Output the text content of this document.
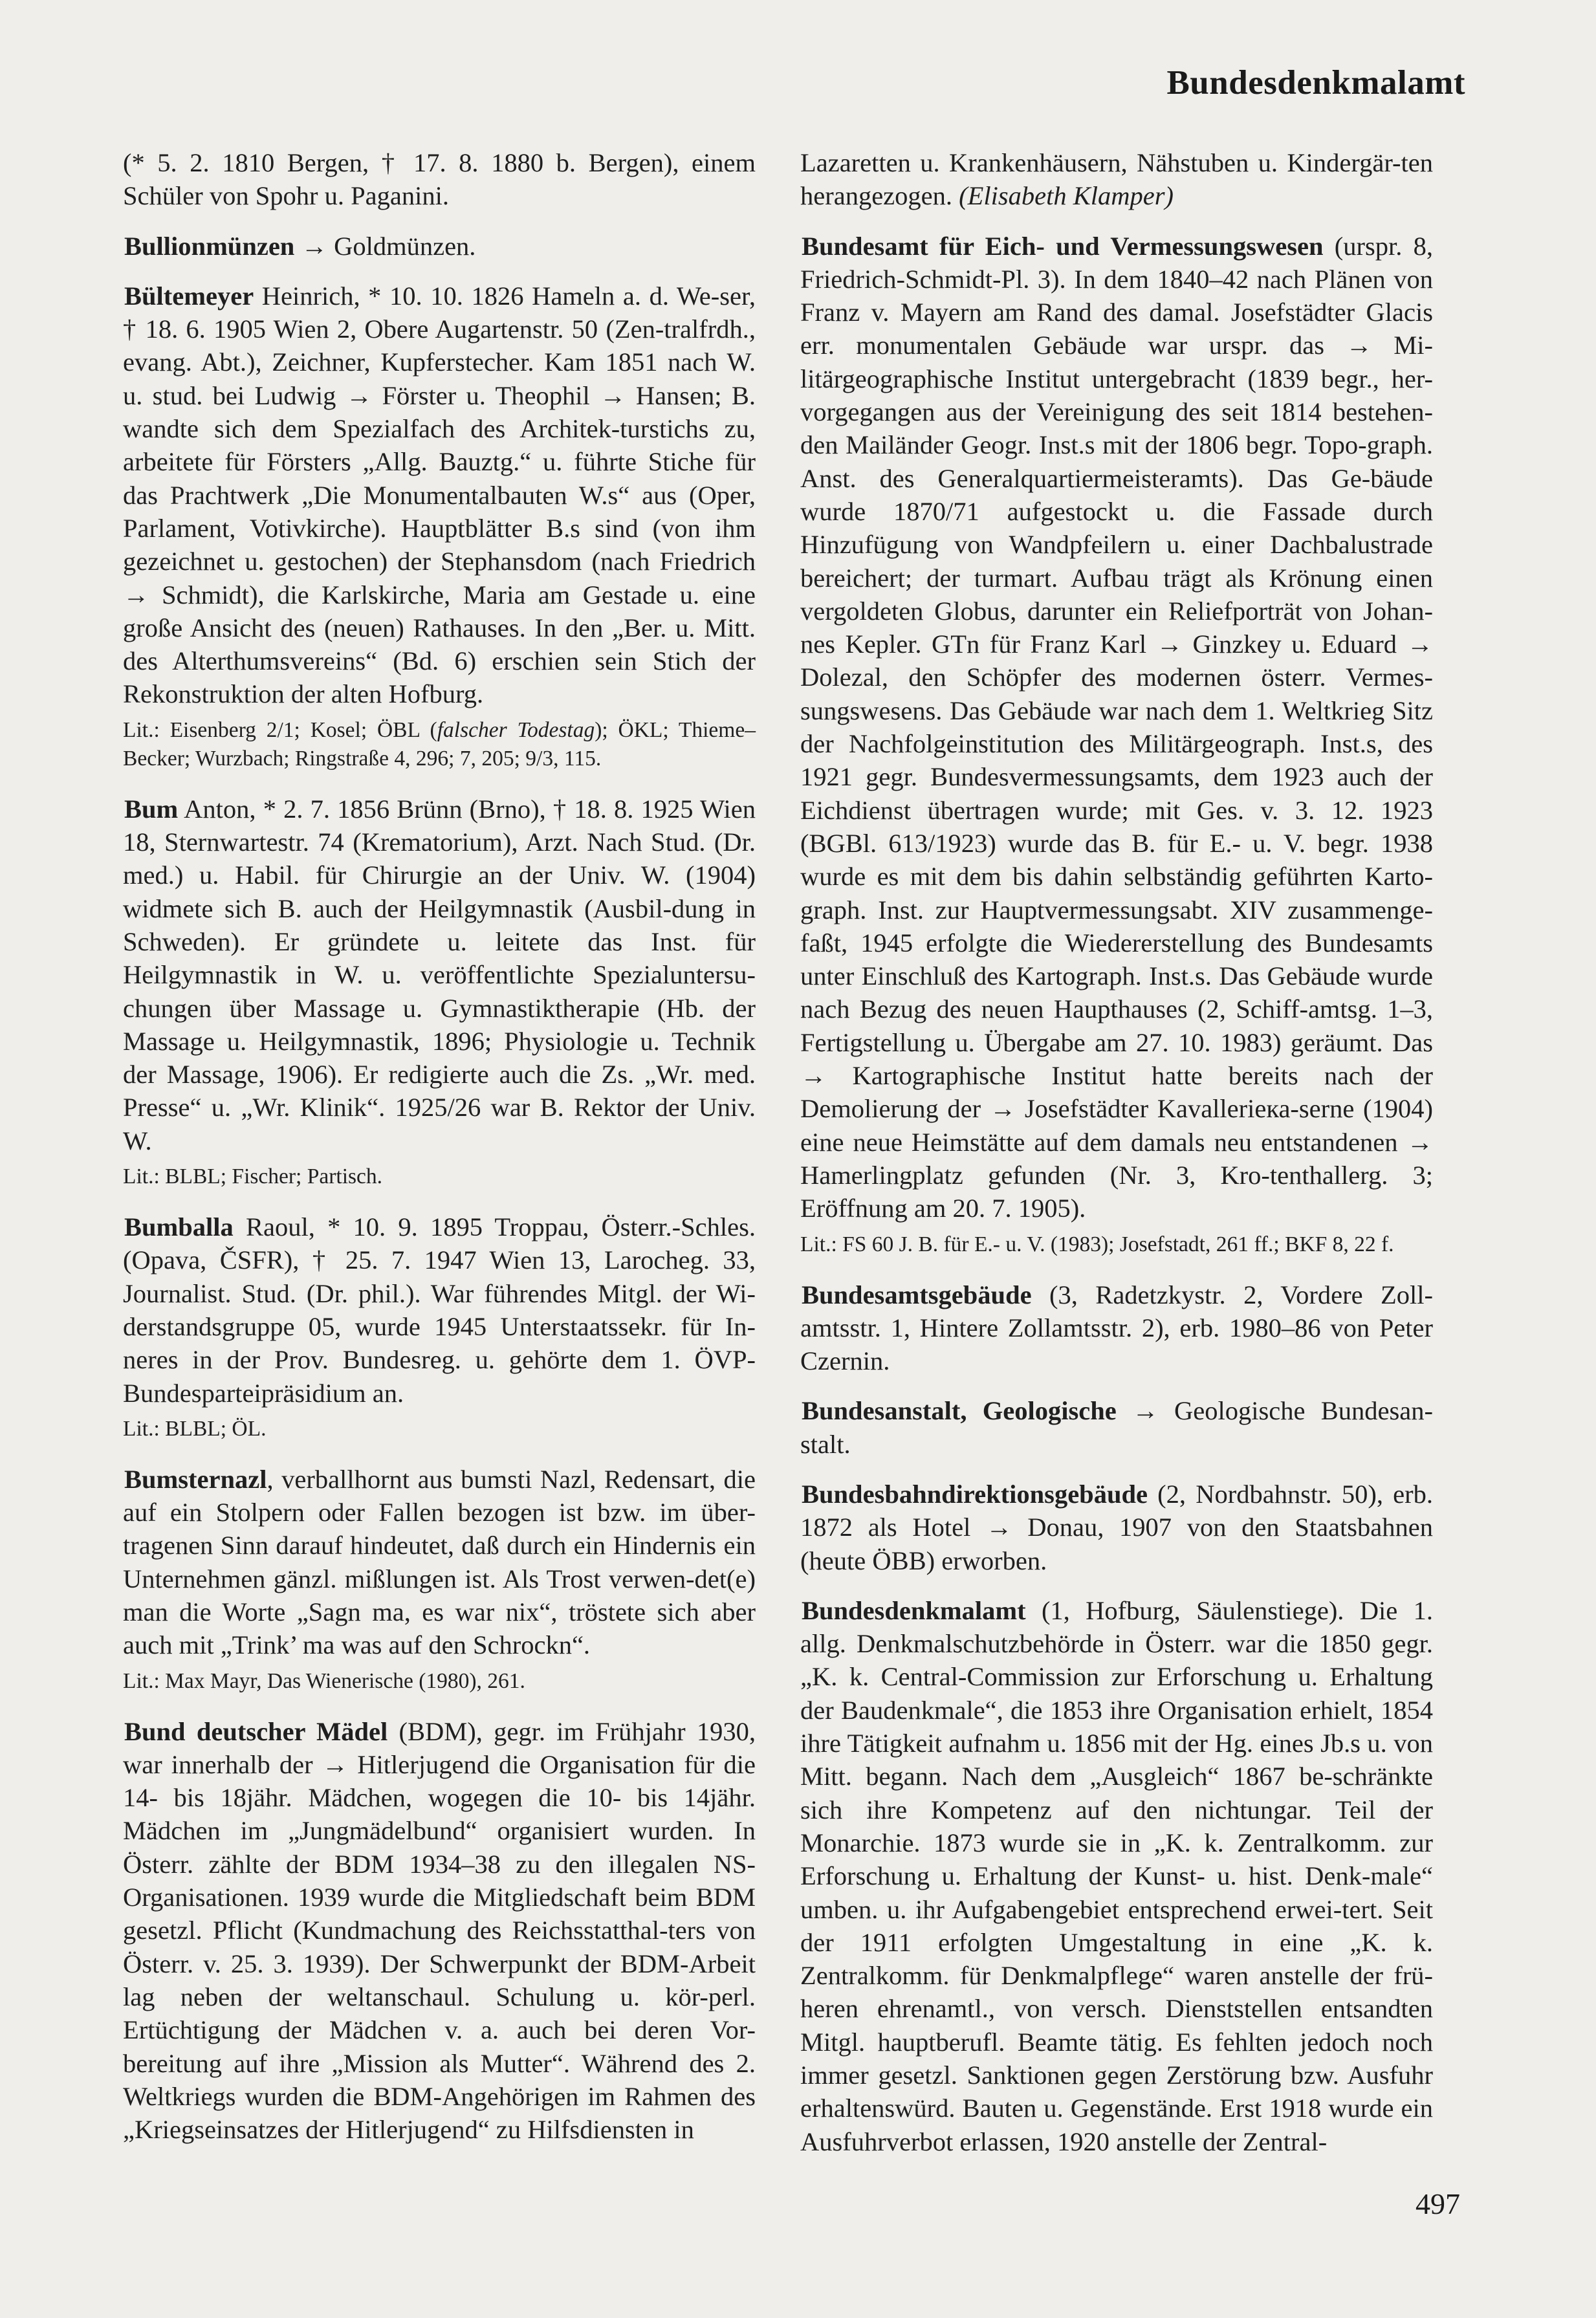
Bundesdenkmalamt

(* 5. 2. 1810 Bergen, † 17. 8. 1880 b. Bergen), einem Schüler von Spohr u. Paganini.

Bullionmünzen → Goldmünzen.

Bültemeyer Heinrich, * 10. 10. 1826 Hameln a. d. We-ser, † 18. 6. 1905 Wien 2, Obere Augartenstr. 50 (Zen-tralfrdh., evang. Abt.), Zeichner, Kupferstecher. Kam 1851 nach W. u. stud. bei Ludwig → Förster u. Theophil → Hansen; B. wandte sich dem Spezialfach des Architek-turstichs zu, arbeitete für Försters „Allg. Bauztg.“ u. führte Stiche für das Prachtwerk „Die Monumentalbauten W.s“ aus (Oper, Parlament, Votivkirche). Hauptblätter B.s sind (von ihm gezeichnet u. gestochen) der Stephansdom (nach Friedrich → Schmidt), die Karlskirche, Maria am Gestade u. eine große Ansicht des (neuen) Rathauses. In den „Ber. u. Mitt. des Alterthumsvereins“ (Bd. 6) erschien sein Stich der Rekonstruktion der alten Hofburg.

Lit.: Eisenberg 2/1; Kosel; ÖBL (falscher Todestag); ÖKL; Thieme–Becker; Wurzbach; Ringstraße 4, 296; 7, 205; 9/3, 115.

Bum Anton, * 2. 7. 1856 Brünn (Brno), † 18. 8. 1925 Wien 18, Sternwartestr. 74 (Krematorium), Arzt. Nach Stud. (Dr. med.) u. Habil. für Chirurgie an der Univ. W. (1904) widmete sich B. auch der Heilgymnastik (Ausbil-dung in Schweden). Er gründete u. leitete das Inst. für Heilgymnastik in W. u. veröffentlichte Spezialuntersu-chungen über Massage u. Gymnastiktherapie (Hb. der Massage u. Heilgymnastik, 1896; Physiologie u. Technik der Massage, 1906). Er redigierte auch die Zs. „Wr. med. Presse“ u. „Wr. Klinik“. 1925/26 war B. Rektor der Univ. W.

Lit.: BLBL; Fischer; Partisch.

Bumballa Raoul, * 10. 9. 1895 Troppau, Österr.-Schles. (Opava, ČSFR), † 25. 7. 1947 Wien 13, Larocheg. 33, Journalist. Stud. (Dr. phil.). War führendes Mitgl. der Wi-derstandsgruppe 05, wurde 1945 Unterstaatssekr. für In-neres in der Prov. Bundesreg. u. gehörte dem 1. ÖVP-Bundesparteipräsidium an.

Lit.: BLBL; ÖL.

Bumsternazl, verballhornt aus bumsti Nazl, Redensart, die auf ein Stolpern oder Fallen bezogen ist bzw. im über-tragenen Sinn darauf hindeutet, daß durch ein Hindernis ein Unternehmen gänzl. mißlungen ist. Als Trost verwen-det(e) man die Worte „Sagn ma, es war nix“, tröstete sich aber auch mit „Trink’ ma was auf den Schrockn“.

Lit.: Max Mayr, Das Wienerische (1980), 261.

Bund deutscher Mädel (BDM), gegr. im Frühjahr 1930, war innerhalb der → Hitlerjugend die Organisation für die 14- bis 18jähr. Mädchen, wogegen die 10- bis 14jähr. Mädchen im „Jungmädelbund“ organisiert wurden. In Österr. zählte der BDM 1934–38 zu den illegalen NS-Organisationen. 1939 wurde die Mitgliedschaft beim BDM gesetzl. Pflicht (Kundmachung des Reichsstatthal-ters von Österr. v. 25. 3. 1939). Der Schwerpunkt der BDM-Arbeit lag neben der weltanschaul. Schulung u. kör-perl. Ertüchtigung der Mädchen v. a. auch bei deren Vor-bereitung auf ihre „Mission als Mutter“. Während des 2. Weltkriegs wurden die BDM-Angehörigen im Rahmen des „Kriegseinsatzes der Hitlerjugend“ zu Hilfsdiensten in

Lazaretten u. Krankenhäusern, Nähstuben u. Kindergär-ten herangezogen. (Elisabeth Klamper)

Bundesamt für Eich- und Vermessungswesen (urspr. 8, Friedrich-Schmidt-Pl. 3). In dem 1840–42 nach Plänen von Franz v. Mayern am Rand des damal. Josefstädter Glacis err. monumentalen Gebäude war urspr. das → Mi-litärgeographische Institut untergebracht (1839 begr., her-vorgegangen aus der Vereinigung des seit 1814 bestehen-den Mailänder Geogr. Inst.s mit der 1806 begr. Topo-graph. Anst. des Generalquartiermeisteramts). Das Ge-bäude wurde 1870/71 aufgestockt u. die Fassade durch Hinzufügung von Wandpfeilern u. einer Dachbalustrade bereichert; der turmart. Aufbau trägt als Krönung einen vergoldeten Globus, darunter ein Reliefporträt von Johan-nes Kepler. GTn für Franz Karl → Ginzkey u. Eduard → Dolezal, den Schöpfer des modernen österr. Vermes-sungswesens. Das Gebäude war nach dem 1. Weltkrieg Sitz der Nachfolgeinstitution des Militärgeograph. Inst.s, des 1921 gegr. Bundesvermessungsamts, dem 1923 auch der Eichdienst übertragen wurde; mit Ges. v. 3. 12. 1923 (BGBl. 613/1923) wurde das B. für E.- u. V. begr. 1938 wurde es mit dem bis dahin selbständig geführten Karto-graph. Inst. zur Hauptvermessungsabt. XIV zusammenge-faßt, 1945 erfolgte die Wiedererstellung des Bundesamts unter Einschluß des Kartograph. Inst.s. Das Gebäude wurde nach Bezug des neuen Haupthauses (2, Schiff-amtsg. 1–3, Fertigstellung u. Übergabe am 27. 10. 1983) geräumt. Das → Kartographische Institut hatte bereits nach der Demolierung der → Josefstädter Kavalleriека-serne (1904) eine neue Heimstätte auf dem damals neu entstandenen → Hamerlingplatz gefunden (Nr. 3, Kro-tenthallerg. 3; Eröffnung am 20. 7. 1905).

Lit.: FS 60 J. B. für E.- u. V. (1983); Josefstadt, 261 ff.; BKF 8, 22 f.

Bundesamtsgebäude (3, Radetzkystr. 2, Vordere Zoll-amtsstr. 1, Hintere Zollamtsstr. 2), erb. 1980–86 von Peter Czernin.

Bundesanstalt, Geologische → Geologische Bundesan-stalt.

Bundesbahndirektionsgebäude (2, Nordbahnstr. 50), erb. 1872 als Hotel → Donau, 1907 von den Staatsbahnen (heute ÖBB) erworben.

Bundesdenkmalamt (1, Hofburg, Säulenstiege). Die 1. allg. Denkmalschutzbehörde in Österr. war die 1850 gegr. „K. k. Central-Commission zur Erforschung u. Erhaltung der Baudenkmale“, die 1853 ihre Organisation erhielt, 1854 ihre Tätigkeit aufnahm u. 1856 mit der Hg. eines Jb.s u. von Mitt. begann. Nach dem „Ausgleich“ 1867 be-schränkte sich ihre Kompetenz auf den nichtungar. Teil der Monarchie. 1873 wurde sie in „K. k. Zentralkomm. zur Erforschung u. Erhaltung der Kunst- u. hist. Denk-male“ umben. u. ihr Aufgabengebiet entsprechend erwei-tert. Seit der 1911 erfolgten Umgestaltung in eine „K. k. Zentralkomm. für Denkmalpflege“ waren anstelle der frü-heren ehrenamtl., von versch. Dienststellen entsandten Mitgl. hauptberufl. Beamte tätig. Es fehlten jedoch noch immer gesetzl. Sanktionen gegen Zerstörung bzw. Ausfuhr erhaltenswürd. Bauten u. Gegenstände. Erst 1918 wurde ein Ausfuhrverbot erlassen, 1920 anstelle der Zentral-

497
